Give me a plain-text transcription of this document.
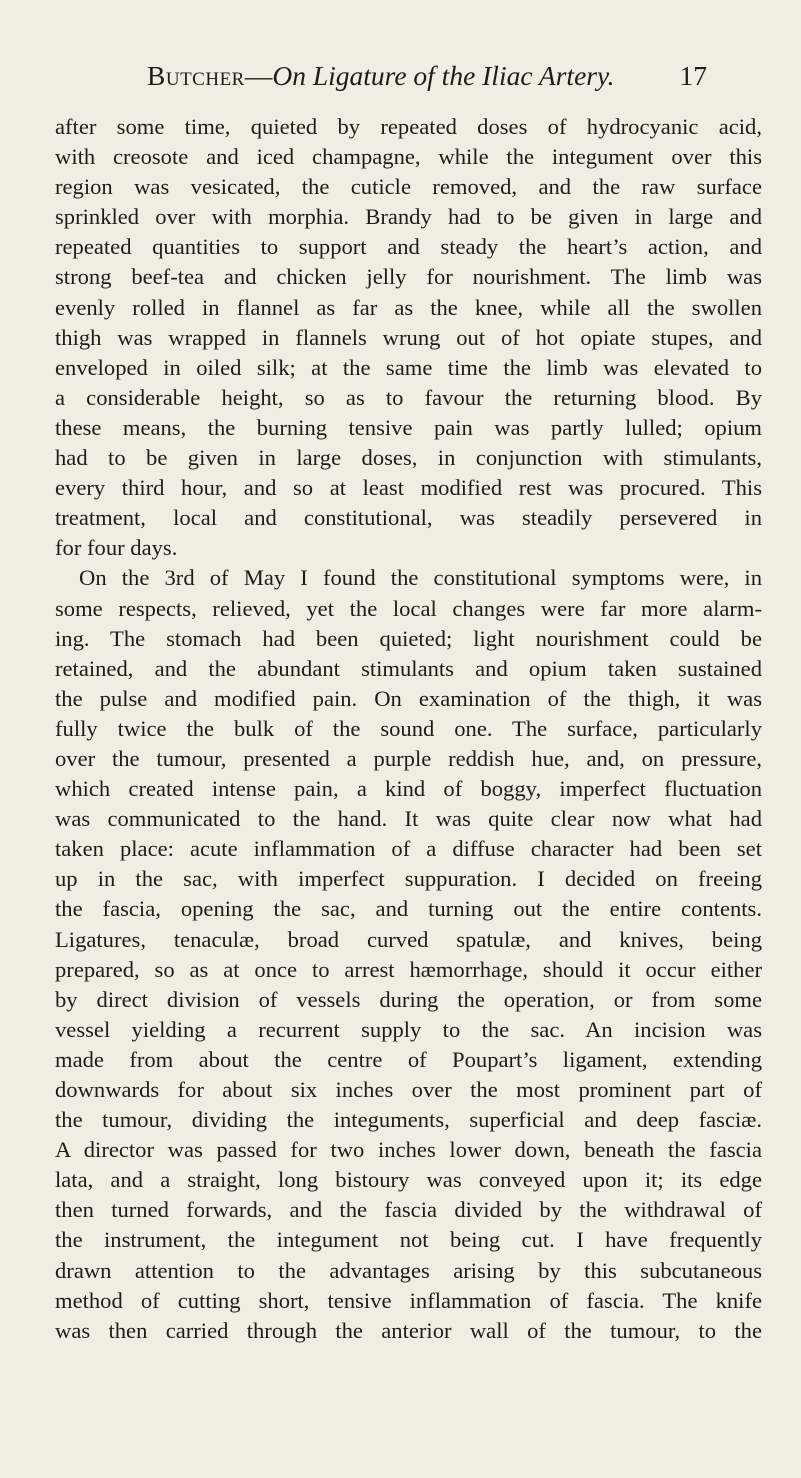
Butcher—On Ligature of the Iliac Artery. 17
after some time, quieted by repeated doses of hydrocyanic acid,
with creosote and iced champagne, while the integument over this
region was vesicated, the cuticle removed, and the raw surface
sprinkled over with morphia. Brandy had to be given in large and
repeated quantities to support and steady the heart’s action, and
strong beef-tea and chicken jelly for nourishment. The limb was
evenly rolled in flannel as far as the knee, while all the swollen
thigh was wrapped in flannels wrung out of hot opiate stupes, and
enveloped in oiled silk; at the same time the limb was elevated to
a considerable height, so as to favour the returning blood. By
these means, the burning tensive pain was partly lulled; opium
had to be given in large doses, in conjunction with stimulants,
every third hour, and so at least modified rest was procured. This
treatment, local and constitutional, was steadily persevered in
for four days.
On the 3rd of May I found the constitutional symptoms were, in
some respects, relieved, yet the local changes were far more alarm-
ing. The stomach had been quieted; light nourishment could be
retained, and the abundant stimulants and opium taken sustained
the pulse and modified pain. On examination of the thigh, it was
fully twice the bulk of the sound one. The surface, particularly
over the tumour, presented a purple reddish hue, and, on pressure,
which created intense pain, a kind of boggy, imperfect fluctuation
was communicated to the hand. It was quite clear now what had
taken place: acute inflammation of a diffuse character had been set
up in the sac, with imperfect suppuration. I decided on freeing
the fascia, opening the sac, and turning out the entire contents.
Ligatures, tenaculæ, broad curved spatulæ, and knives, being
prepared, so as at once to arrest hæmorrhage, should it occur either
by direct division of vessels during the operation, or from some
vessel yielding a recurrent supply to the sac. An incision was
made from about the centre of Poupart’s ligament, extending
downwards for about six inches over the most prominent part of
the tumour, dividing the integuments, superficial and deep fasciæ.
A director was passed for two inches lower down, beneath the fascia
lata, and a straight, long bistoury was conveyed upon it; its edge
then turned forwards, and the fascia divided by the withdrawal of
the instrument, the integument not being cut. I have frequently
drawn attention to the advantages arising by this subcutaneous
method of cutting short, tensive inflammation of fascia. The knife
was then carried through the anterior wall of the tumour, to the
